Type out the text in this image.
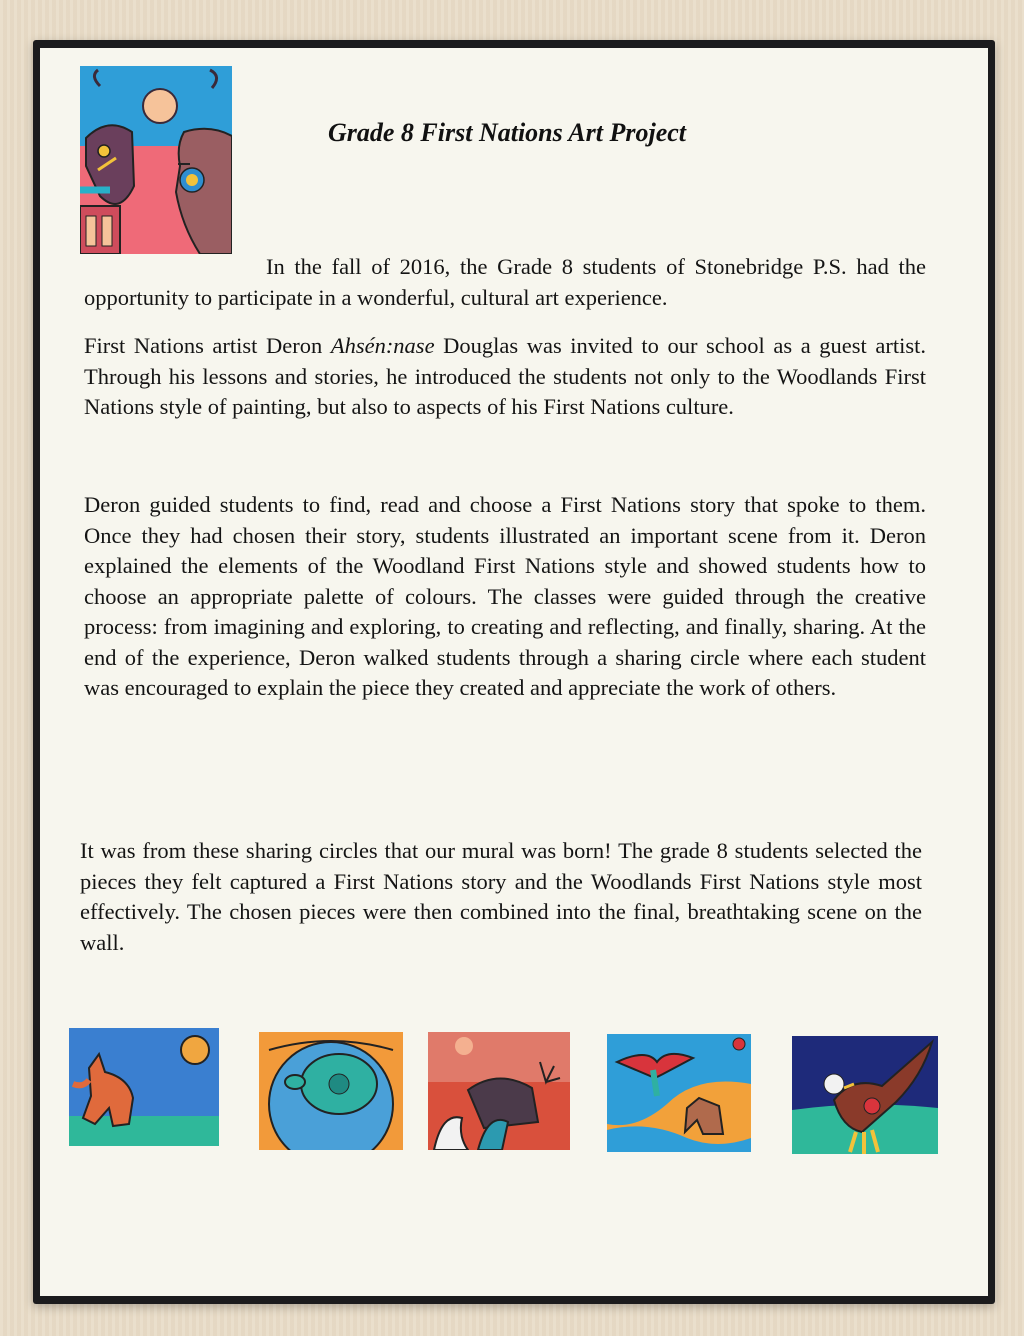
Grade 8 First Nations Art Project

In the fall of 2016, the Grade 8 students of Stonebridge P.S. had the opportunity to participate in a wonderful, cultural art experience.

First Nations artist Deron Ahsén:nase Douglas was invited to our school as a guest artist. Through his lessons and stories, he introduced the students not only to the Woodlands First Nations style of painting, but also to aspects of his First Nations culture.

Deron guided students to find, read and choose a First Nations story that spoke to them. Once they had chosen their story, students illustrated an important scene from it. Deron explained the elements of the Woodland First Nations style and showed students how to choose an appropriate palette of colours. The classes were guided through the creative process: from imagining and exploring, to creating and reflecting, and finally, sharing. At the end of the experience, Deron walked students through a sharing circle where each student was encouraged to explain the piece they created and appreciate the work of others.

It was from these sharing circles that our mural was born! The grade 8 students selected the pieces they felt captured a First Nations story and the Woodlands First Nations style most effectively. The chosen pieces were then combined into the final, breathtaking scene on the wall.
